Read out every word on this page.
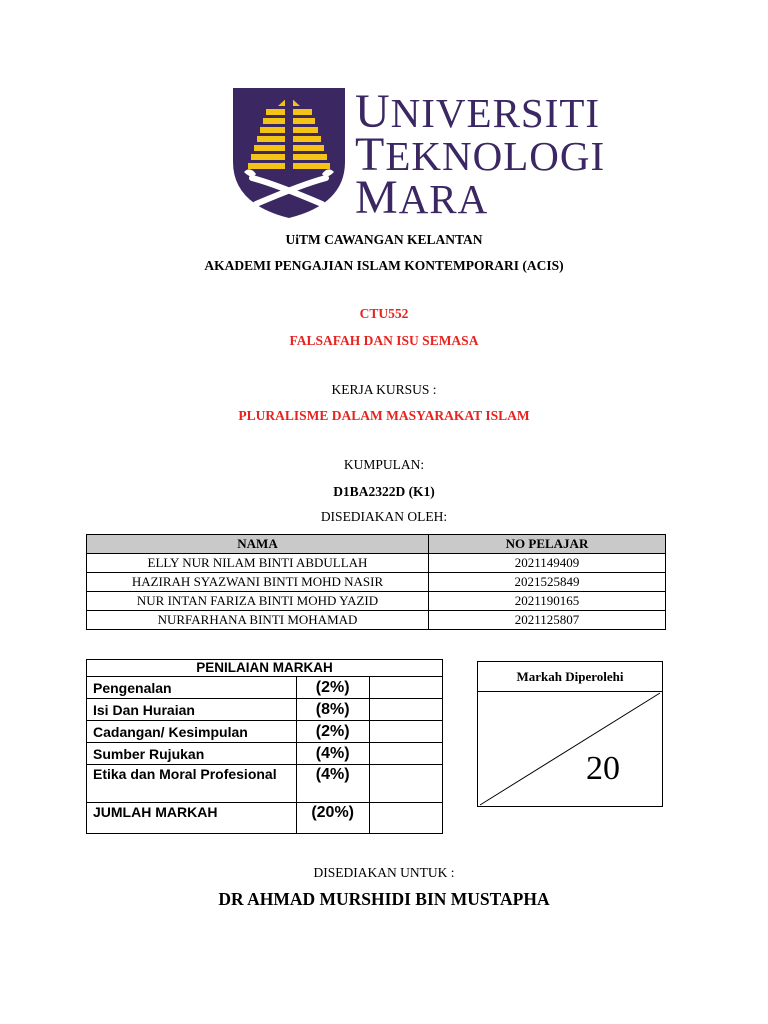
UNIVERSITI
TEKNOLOGI
MARA
UiTM CAWANGAN KELANTAN
AKADEMI PENGAJIAN ISLAM KONTEMPORARI (ACIS)
CTU552
FALSAFAH DAN ISU SEMASA
KERJA KURSUS :
PLURALISME DALAM MASYARAKAT ISLAM
KUMPULAN:
D1BA2322D (K1)
DISEDIAKAN OLEH:
NAMA	NO PELAJAR
ELLY NUR NILAM BINTI ABDULLAH	2021149409
HAZIRAH SYAZWANI BINTI MOHD NASIR	2021525849
NUR INTAN FARIZA BINTI MOHD YAZID	2021190165
NURFARHANA BINTI MOHAMAD	2021125807
PENILAIAN MARKAH		
Pengenalan	(2%)	
Isi Dan Huraian	(8%)	
Cadangan/ Kesimpulan	(2%)	
Sumber Rujukan	(4%)	
Etika dan Moral Profesional	(4%)	
JUMLAH MARKAH	(20%)	
Markah Diperolehi
20
DISEDIAKAN UNTUK :
DR AHMAD MURSHIDI BIN MUSTAPHA
